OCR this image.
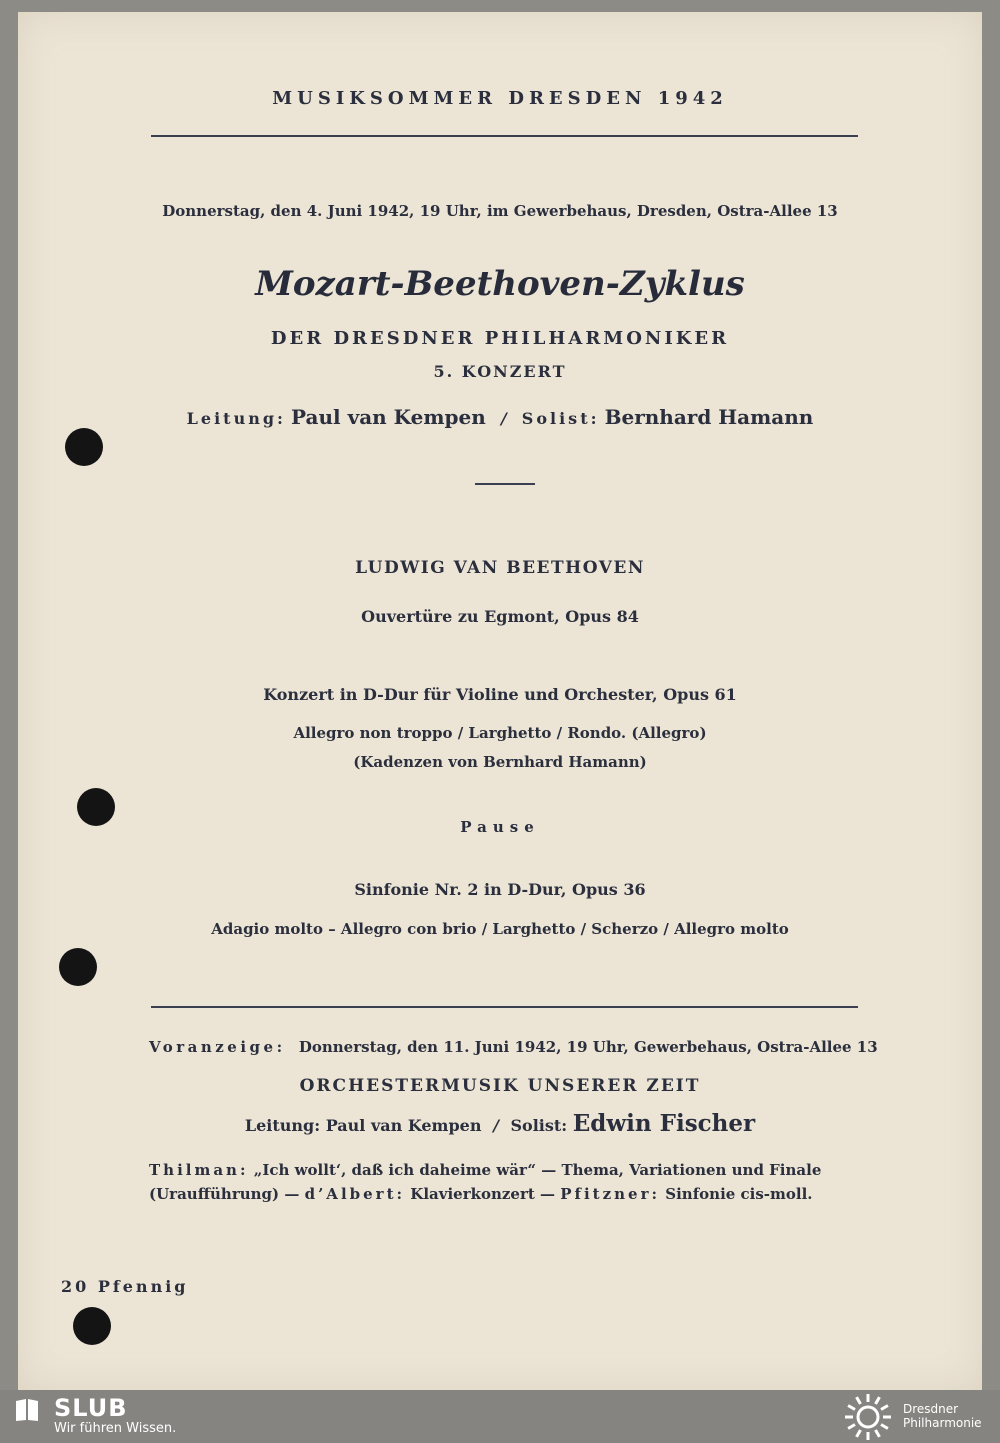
MUSIKSOMMER DRESDEN 1942
Donnerstag, den 4. Juni 1942, 19 Uhr, im Gewerbehaus, Dresden, Ostra-Allee 13
Mozart-Beethoven-Zyklus
DER DRESDNER PHILHARMONIKER
5. KONZERT
Leitung: Paul van Kempen / Solist: Bernhard Hamann
LUDWIG VAN BEETHOVEN
Ouvertüre zu Egmont, Opus 84
Konzert in D-Dur für Violine und Orchester, Opus 61
Allegro non troppo / Larghetto / Rondo. (Allegro)
(Kadenzen von Bernhard Hamann)
Pause
Sinfonie Nr. 2 in D-Dur, Opus 36
Adagio molto – Allegro con brio / Larghetto / Scherzo / Allegro molto
Voranzeige: Donnerstag, den 11. Juni 1942, 19 Uhr, Gewerbehaus, Ostra-Allee 13
ORCHESTERMUSIK UNSERER ZEIT
Leitung: Paul van Kempen / Solist: Edwin Fischer
Thilman: „Ich wollt‘, daß ich daheime wär“ — Thema, Variationen und Finale
(Uraufführung) — d’Albert: Klavierkonzert — Pfitzner: Sinfonie cis-moll.
20 Pfennig
SLUB
Wir führen Wissen.
Dresdner
Philharmonie
